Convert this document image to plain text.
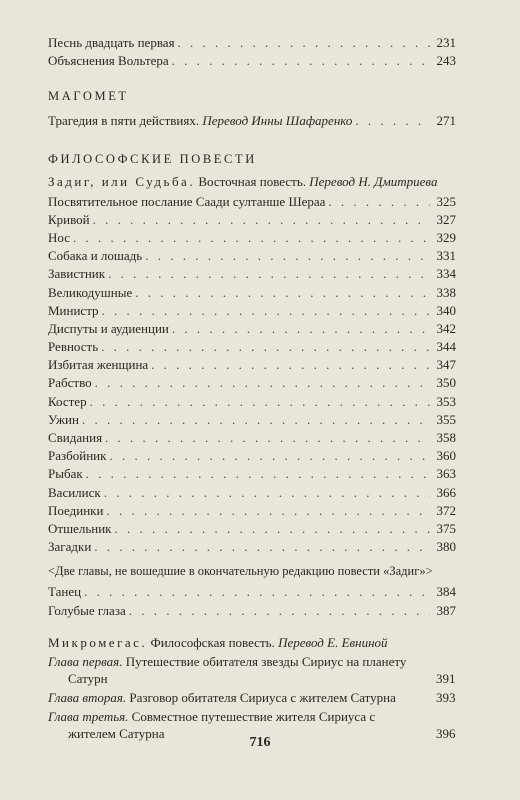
Песнь двадцать первая . . .	231
Объяснения Вольтера . . .	243
МАГОМЕТ
Трагедия в пяти действиях. Перевод Инны Шафаренко . . .	271
ФИЛОСОФСКИЕ ПОВЕСТИ
Задиг, или Судьба. Восточная повесть. Перевод Н. Дмитриева
Посвятительное послание Саади султанше Шераа . . .	325
Кривой . . .	327
Нос . . .	329
Собака и лошадь . . .	331
Завистник . . .	334
Великодушные . . .	338
Министр . . .	340
Диспуты и аудиенции . . .	342
Ревность . . .	344
Избитая женщина . . .	347
Рабство . . .	350
Костер . . .	353
Ужин . . .	355
Свидания . . .	358
Разбойник . . .	360
Рыбак . . .	363
Василиск . . .	366
Поединки . . .	372
Отшельник . . .	375
Загадки . . .	380
<Две главы, не вошедшие в окончательную редакцию повести «Задиг»>
Танец . . .	384
Голубые глаза . . .	387
Микромегас. Философская повесть. Перевод Е. Евниной
Глава первая. Путешествие обитателя звезды Сириус на планету Сатурн	391
Глава вторая. Разговор обитателя Сириуса с жителем Сатурна	393
Глава третья. Совместное путешествие жителя Сириуса с жителем Сатурна	396
716
